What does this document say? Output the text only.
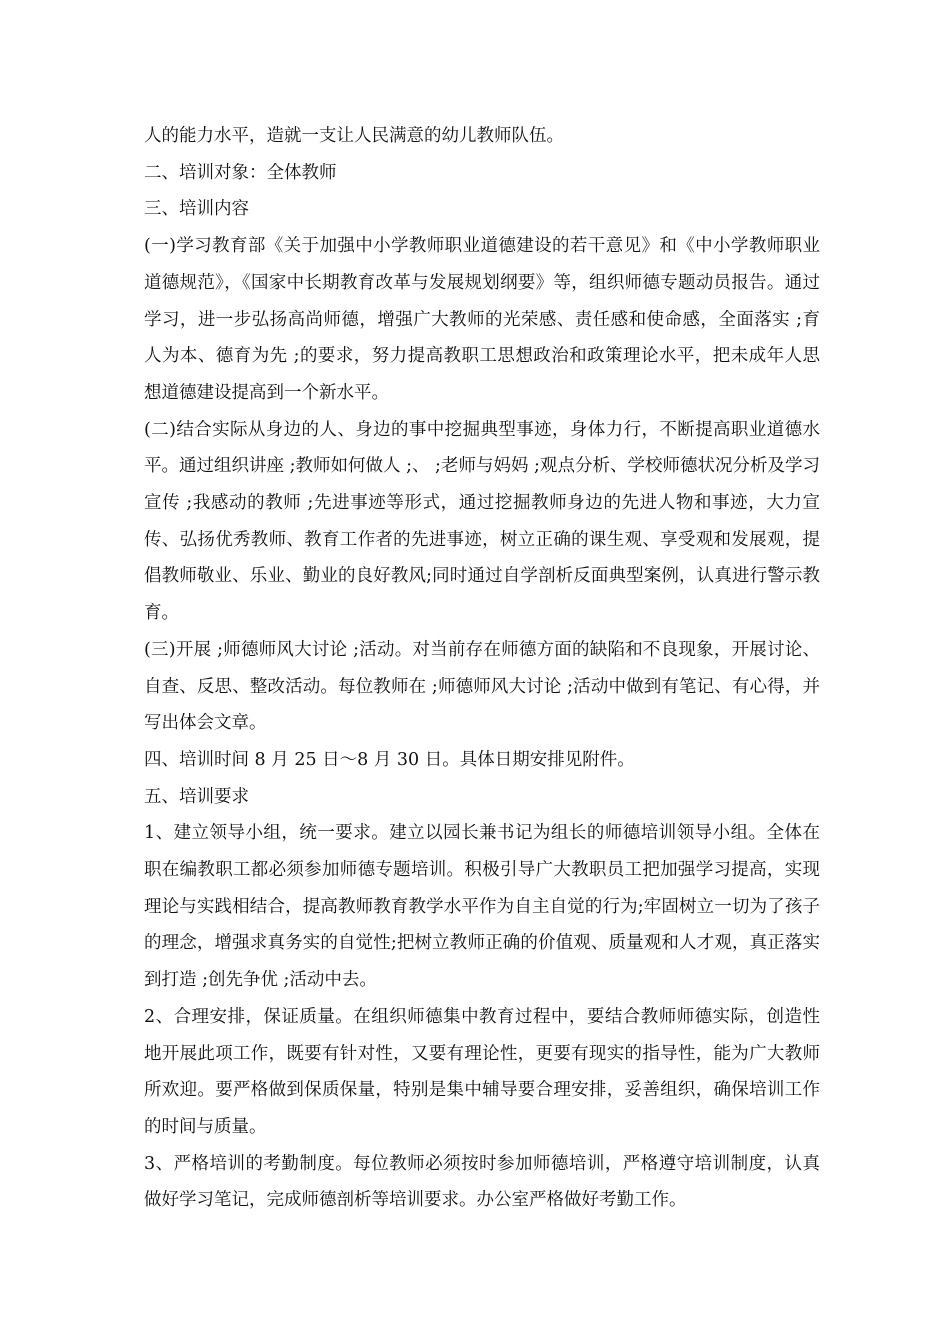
人的能力水平，造就一支让人民满意的幼儿教师队伍。

二、培训对象：全体教师

三、培训内容

(一)学习教育部《关于加强中小学教师职业道德建设的若干意见》和《中小学教师职业道德规范》，《国家中长期教育改革与发展规划纲要》等，组织师德专题动员报告。通过学习，进一步弘扬高尚师德，增强广大教师的光荣感、责任感和使命感，全面落实 ;育人为本、德育为先 ;的要求，努力提高教职工思想政治和政策理论水平，把未成年人思想道德建设提高到一个新水平。

(二)结合实际从身边的人、身边的事中挖掘典型事迹，身体力行，不断提高职业道德水平。通过组织讲座 ;教师如何做人 ;、 ;老师与妈妈 ;观点分析、学校师德状况分析及学习宣传 ;我感动的教师 ;先进事迹等形式，通过挖掘教师身边的先进人物和事迹，大力宣传、弘扬优秀教师、教育工作者的先进事迹，树立正确的课生观、享受观和发展观，提倡教师敬业、乐业、勤业的良好教风;同时通过自学剖析反面典型案例，认真进行警示教育。

(三)开展 ;师德师风大讨论 ;活动。对当前存在师德方面的缺陷和不良现象，开展讨论、自查、反思、整改活动。每位教师在 ;师德师风大讨论 ;活动中做到有笔记、有心得，并写出体会文章。

四、培训时间 8 月 25 日～8 月 30 日。具体日期安排见附件。

五、培训要求

1、建立领导小组，统一要求。建立以园长兼书记为组长的师德培训领导小组。全体在职在编教职工都必须参加师德专题培训。积极引导广大教职员工把加强学习提高，实现理论与实践相结合，提高教师教育教学水平作为自主自觉的行为;牢固树立一切为了孩子的理念，增强求真务实的自觉性;把树立教师正确的价值观、质量观和人才观，真正落实到打造 ;创先争优 ;活动中去。

2、合理安排，保证质量。在组织师德集中教育过程中，要结合教师师德实际，创造性地开展此项工作，既要有针对性，又要有理论性，更要有现实的指导性，能为广大教师所欢迎。要严格做到保质保量，特别是集中辅导要合理安排，妥善组织，确保培训工作的时间与质量。

3、严格培训的考勤制度。每位教师必须按时参加师德培训，严格遵守培训制度，认真做好学习笔记，完成师德剖析等培训要求。办公室严格做好考勤工作。
